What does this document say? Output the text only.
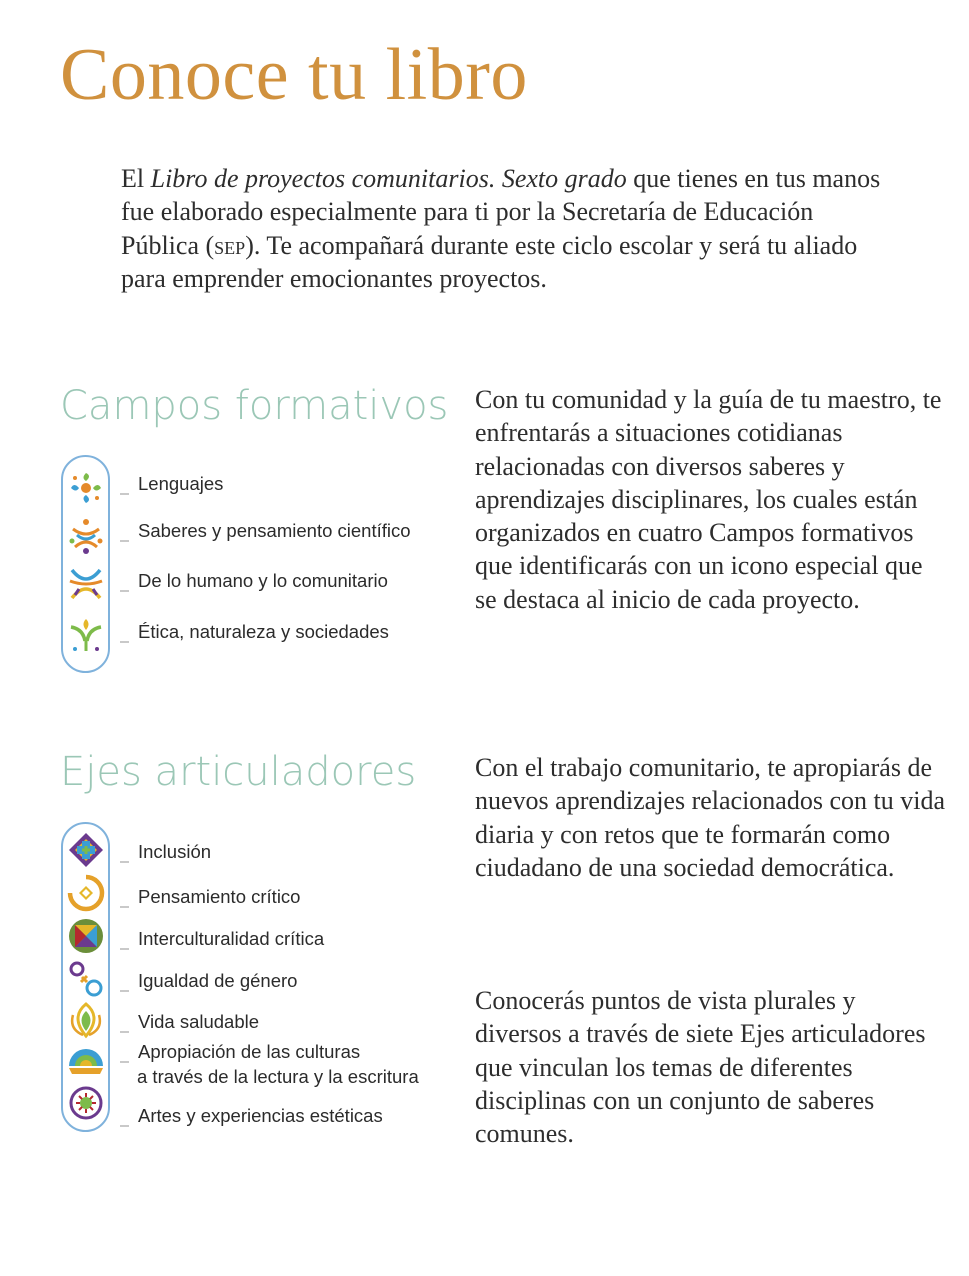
Conoce tu libro

El Libro de proyectos comunitarios. Sexto grado que tienes en tus manos fue elaborado especialmente para ti por la Secretaría de Educación Pública (sep). Te acompañará durante este ciclo escolar y será tu aliado para emprender emocionantes proyectos.

Campos formativos
Lenguajes
Saberes y pensamiento científico
De lo humano y lo comunitario
Ética, naturaleza y sociedades

Con tu comunidad y la guía de tu maestro, te enfrentarás a situaciones cotidianas relacionadas con diversos saberes y aprendizajes disciplinares, los cuales están organizados en cuatro Campos formativos que identificarás con un icono especial que se destaca al inicio de cada proyecto.

Ejes articuladores
Inclusión
Pensamiento crítico
Interculturalidad crítica
Igualdad de género
Vida saludable
Apropiación de las culturas
a través de la lectura y la escritura
Artes y experiencias estéticas

Con el trabajo comunitario, te apropiarás de nuevos aprendizajes relacionados con tu vida diaria y con retos que te formarán como ciudadano de una sociedad democrática.

Conocerás puntos de vista plurales y diversos a través de siete Ejes articuladores que vinculan los temas de diferentes disciplinas con un conjunto de saberes comunes.
